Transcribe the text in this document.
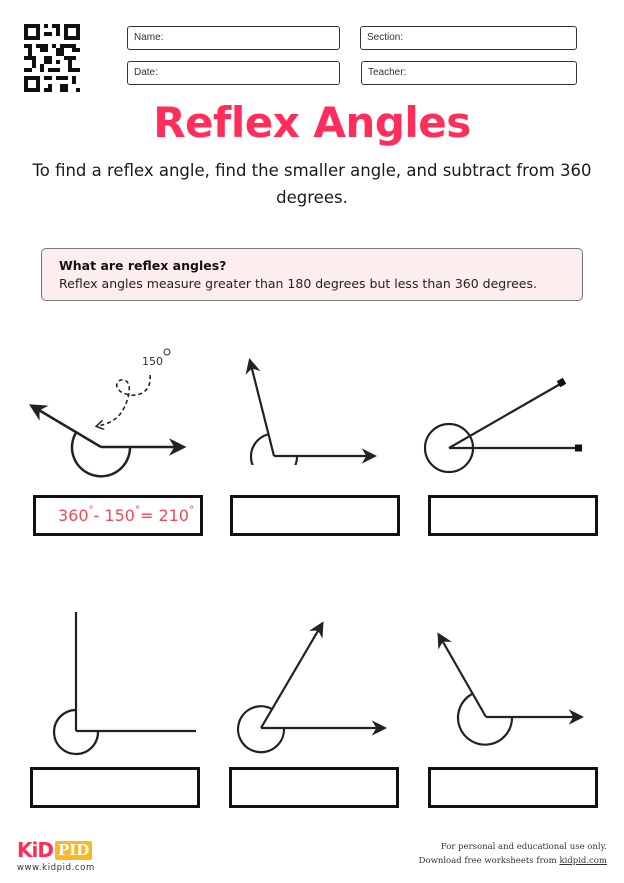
Name:	Section:
Date:	Teacher:
Reflex Angles
To find a reflex angle, find the smaller angle, and subtract from 360 degrees.
What are reflex angles?
Reflex angles measure greater than 180 degrees but less than 360 degrees.
150
360°- 150°= 210°
KiD PID
www.kidpid.com
For personal and educational use only.
Download free worksheets from kidpid.com
